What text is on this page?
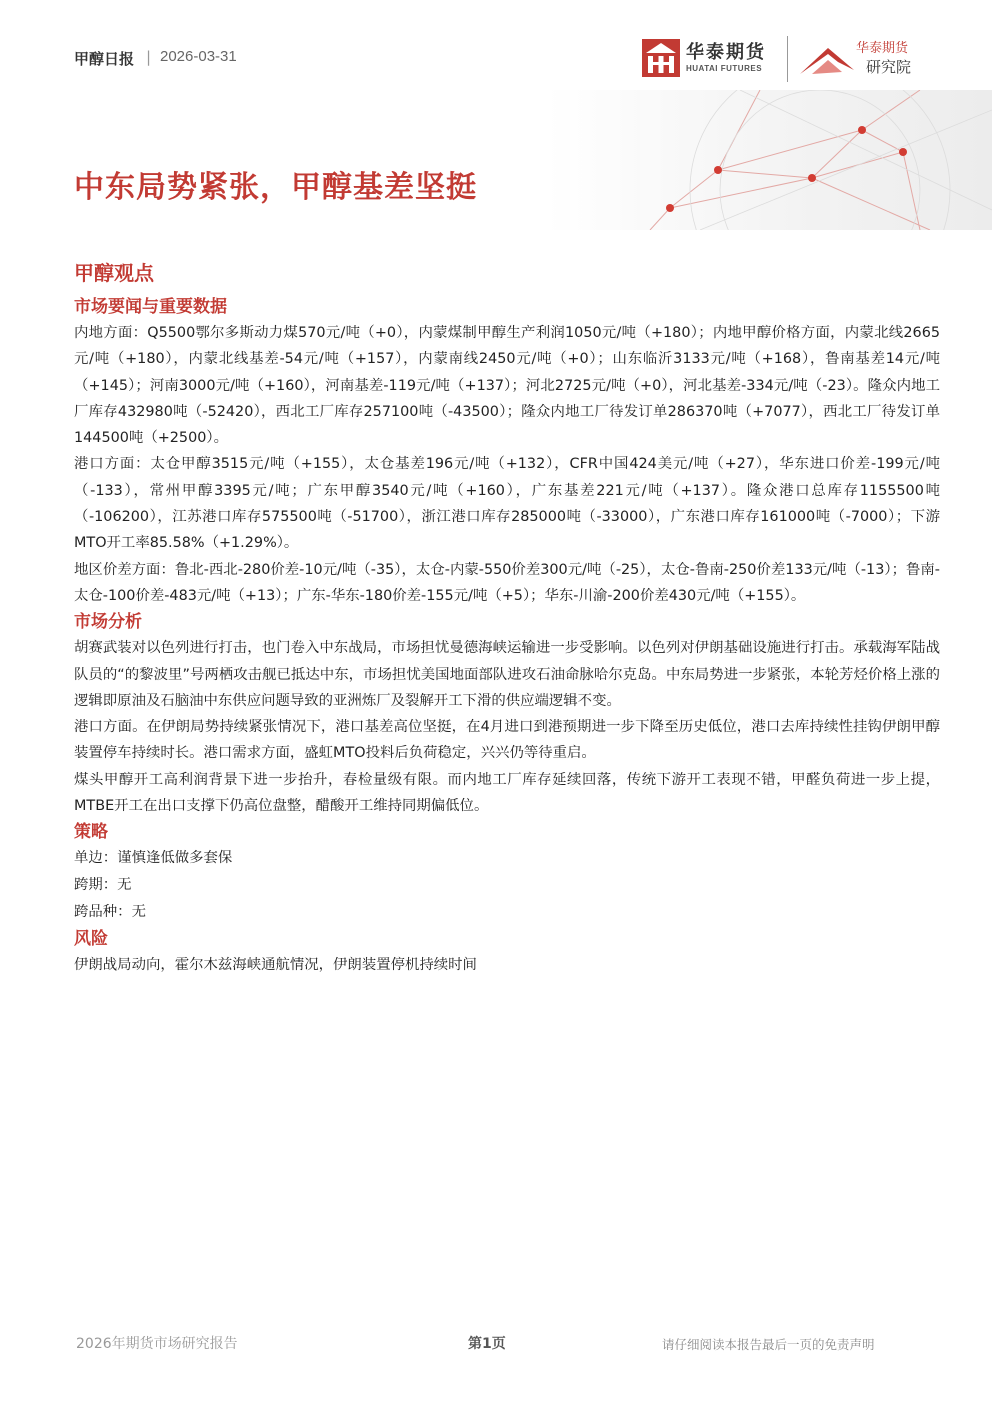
甲醇日报 | 2026-03-31	华泰期货
HUATAI FUTURES
华泰期货
研究院
中东局势紧张，甲醇基差坚挺
甲醇观点
市场要闻与重要数据

内地方面：Q5500鄂尔多斯动力煤570元/吨（+0），内蒙煤制甲醇生产利润1050元/吨（+180）；内地甲醇价格方面，内蒙北线2665元/吨（+180），内蒙北线基差-54元/吨（+157），内蒙南线2450元/吨（+0）；山东临沂3133元/吨（+168），鲁南基差14元/吨（+145）；河南3000元/吨（+160），河南基差-119元/吨（+137）；河北2725元/吨（+0），河北基差-334元/吨（-23）。隆众内地工厂库存432980吨（-52420），西北工厂库存257100吨（-43500）；隆众内地工厂待发订单28637​0吨（+7077），西北工厂待发订单144500吨（+2500）。

港口方面：太仓甲醇3515元/吨（+155），太仓基差196元/吨（+132），CFR中国424美元/吨（+27），华东进口价差-199元/吨（-133），常州甲醇3395元/吨；广东甲醇3540元/吨（+160），广东基差221元/吨（+137）。隆众港口总库存1155500吨（-106200），江苏港口库存575500吨（-51700），浙江港口库存285000吨（-33000），广东港口库存161000吨（-7000）；下游MTO开工率85.58%（+1.29%）。

地区价差方面：鲁北-西北-280价差-10元/吨（-35），太仓-内蒙-550价差300元/吨（-25），太仓-鲁南-250价差133元/吨（-13）；鲁南-太仓-100价差-483元/吨（+13）；广东-华东-180价差-155元/吨（+5）；华东-川渝-200价差430元/吨（+155）。

市场分析

胡赛武装对以色列进行打击，也门卷入中东战局，市场担忧曼德海峡运输进一步受影响。以色列对伊朗基础设施进行打击。承载海军陆战队员的“的黎波里”号两栖攻击舰已抵达中东，市场担忧美国地面部队进攻石油命脉哈尔克岛。中东局势进一步紧张，本轮芳烃价格上涨的逻辑即原油及石脑油中东供应问题导致的亚洲炼厂及裂解开工下滑的供应端逻辑不变。

港口方面。在伊朗局势持续紧张情况下，港口基差高位坚挺，在4月进口到港预期进一步下降至历史低位，港口去库持续性挂钩伊朗甲醇装置停车持续时长。港口需求方面，盛虹MTO投料后负荷稳定，兴兴仍等待重启。

煤头甲醇开工高利润背景下进一步抬升，春检量级有限。而内地工厂库存延续回落，传统下游开工表现不错，甲醛负荷进一步上提，MTBE开工在出口支撑下仍高位盘整，醋酸开工维持同期偏低位。

策略

单边：谨慎逢低做多套保

跨期：无

跨品种：无

风险

伊朗战局动向，霍尔木兹海峡通航情况，伊朗装置停机持续时间

2026年期货市场研究报告	第1页	请仔细阅读本报告最后一页的免责声明
